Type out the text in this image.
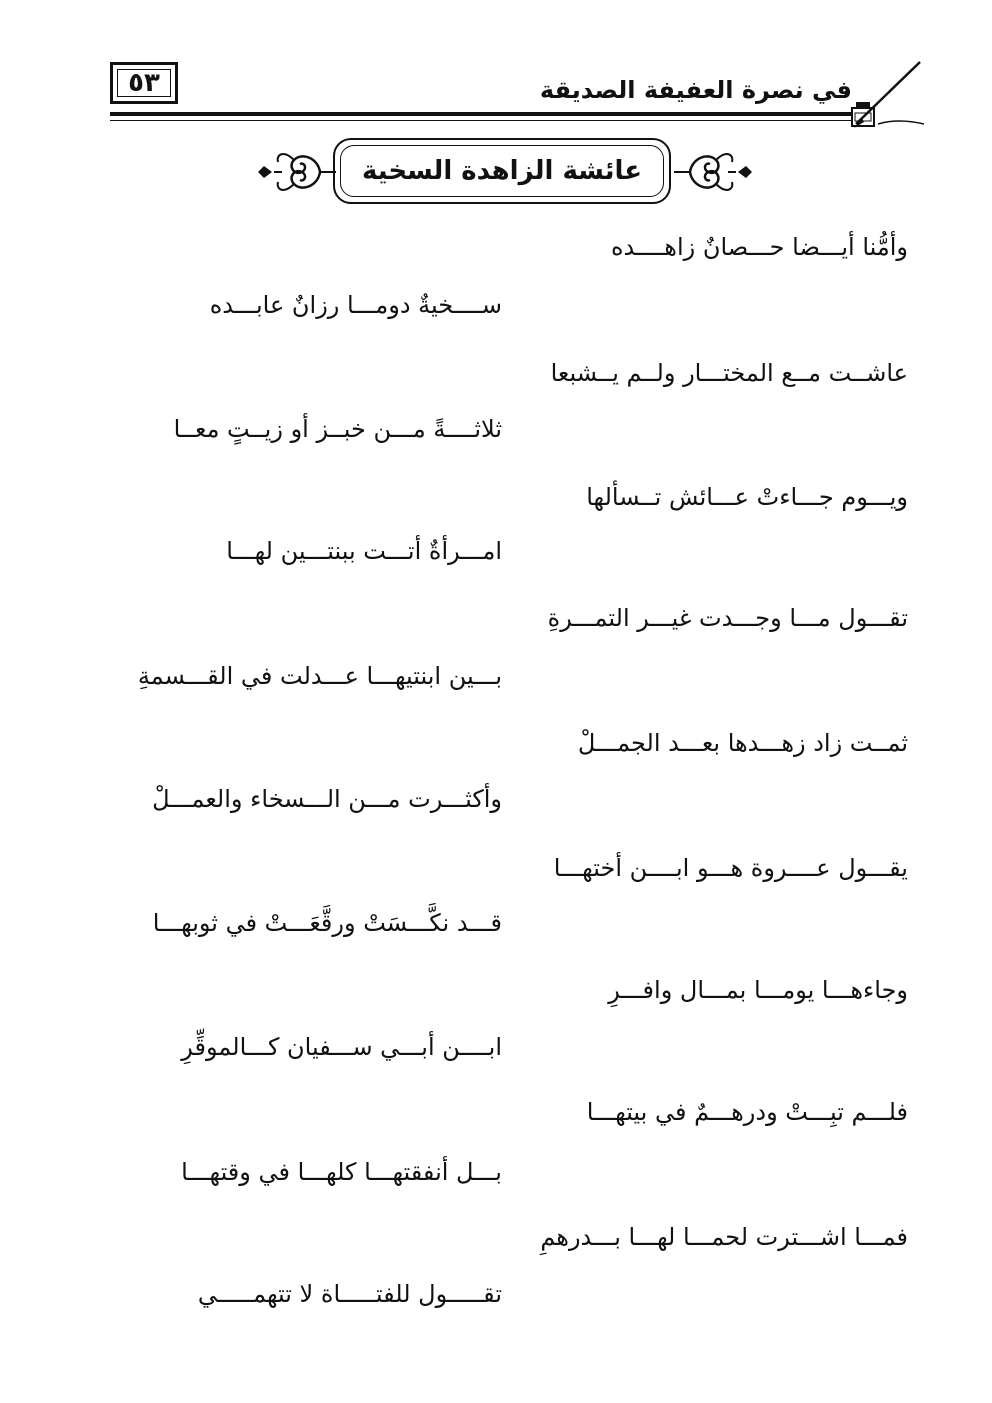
٥٣	في نصرة العفيفة الصديقة
عائشة الزاهدة السخية
وأمُّنا أيـــضا حـــصانٌ زاهــــده
ســــخيةٌ دومـــا رزانٌ عابـــده
عاشــت مــع المختـــار ولــم يــشبعا
ثلاثــــةً مـــن خبــز أو زيــتٍ معــا
ويـــوم جـــاءتْ عـــائش تــسألها
امـــرأةٌ أتـــت ببنتـــين لهـــا
تقـــول مـــا وجـــدت غيـــر التمـــرةِ
بـــين ابنتيهـــا عـــدلت في القـــسمةِ
ثمــت زاد زهـــدها بعـــد الجمـــلْ
وأكثـــرت مـــن الـــسخاء والعمـــلْ
يقـــول عــــروة هـــو ابــــن أختهـــا
قـــد نكَّـــسَتْ ورقَّعَـــتْ في ثوبهـــا
وجاءهـــا يومـــا بمـــال وافـــرِ
ابــــن أبـــي ســـفيان كـــالموقِّرِ
فلـــم تبِـــتْ ودرهـــمٌ في بيتهـــا
بـــل أنفقتهـــا كلهـــا في وقتهـــا
فمـــا اشـــترت لحمـــا لهـــا بـــدرهمِ
تقـــــول للفتـــــاة لا تتهمـــــي
